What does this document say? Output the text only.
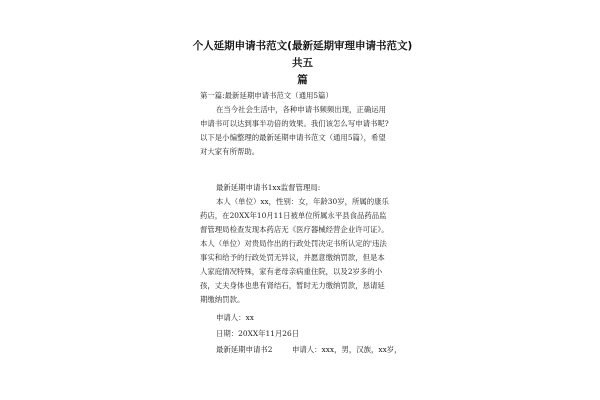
个人延期申请书范文(最新延期审理申请书范文)共五
篇
第一篇:最新延期申请书范文（通用5篇）
在当今社会生活中，各种申请书频频出现，正确运用
申请书可以达到事半功倍的效果。我们该怎么写申请书呢?
以下是小编整理的最新延期申请书范文（通用5篇），希望
对大家有所帮助。
最新延期申请书1xx监督管理局:
本人（单位）xx，性别：女，年龄30岁，所属的康乐
药店，在20XX年10月11日被单位所属永平县食品药品监
督管理局检查发现本药店无《医疗器械经营企业许可证》。
本人（单位）对贵局作出的行政处罚决定书所认定的'违法
事实和给予的行政处罚无异议，并愿意缴纳罚款，但是本
人家庭情况特殊，家有老母亲病重住院，以及2岁多的小
孩，丈夫身体也患有肾结石，暂时无力缴纳罚款，恳请延
期缴纳罚款。
申请人：xx
日期：20XX年11月26日
最新延期申请书2	申请人：xxx，男，汉族，xx岁，
